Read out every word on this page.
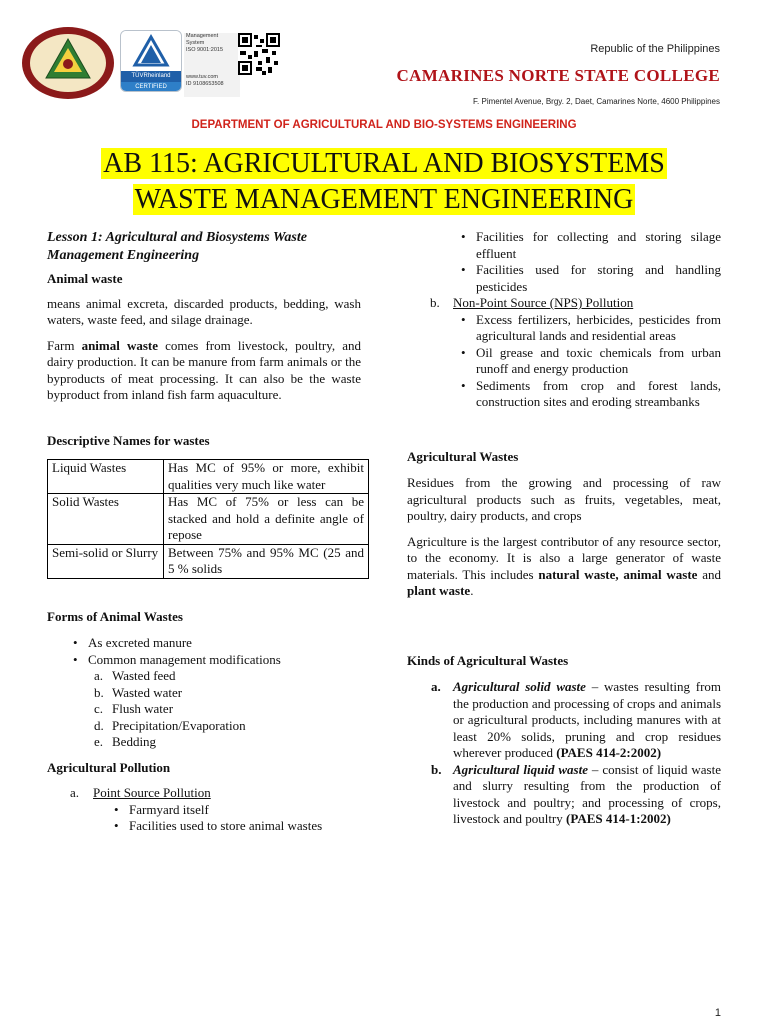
TÜVRheinland
CERTIFIED
Management
System
ISO 9001:2015
www.tuv.com
ID 9108653508
Republic of the Philippines
CAMARINES NORTE STATE COLLEGE
F. Pimentel Avenue, Brgy. 2, Daet, Camarines Norte, 4600 Philippines
DEPARTMENT OF AGRICULTURAL AND BIO-SYSTEMS ENGINEERING
AB 115: AGRICULTURAL AND BIOSYSTEMS
WASTE MANAGEMENT ENGINEERING
Lesson 1: Agricultural and Biosystems Waste Management Engineering
Animal waste

means animal excreta, discarded products, bedding, wash waters, waste feed, and silage drainage.

Farm animal waste comes from livestock, poultry, and dairy production. It can be manure from farm animals or the byproducts of meat processing. It can also be the waste byproduct from inland fish farm aquaculture.

Descriptive Names for wastes
Liquid Wastes	Has MC of 95% or more, exhibit qualities very much like water
Solid Wastes	Has MC of 75% or less can be stacked and hold a definite angle of repose
Semi-solid or Slurry	Between 75% and 95% MC (25 and 5 % solids
Forms of Animal Wastes
• As excreted manure
• Common management modifications
a. Wasted feed
b. Wasted water
c. Flush water
d. Precipitation/Evaporation
e. Bedding
Agricultural Pollution
a. Point Source Pollution
• Farmyard itself
• Facilities used to store animal wastes
• Facilities for collecting and storing silage effluent
• Facilities used for storing and handling pesticides
b. Non-Point Source (NPS) Pollution
• Excess fertilizers, herbicides, pesticides from agricultural lands and residential areas
• Oil grease and toxic chemicals from urban runoff and energy production
• Sediments from crop and forest lands, construction sites and eroding streambanks
Agricultural Wastes

Residues from the growing and processing of raw agricultural products such as fruits, vegetables, meat, poultry, dairy products, and crops

Agriculture is the largest contributor of any resource sector, to the economy. It is also a large generator of waste materials. This includes natural waste, animal waste and plant waste.

Kinds of Agricultural Wastes
a. Agricultural solid waste – wastes resulting from the production and processing of crops and animals or agricultural products, including manures with at least 20% solids, pruning and crop residues wherever produced (PAES 414-2:2002)
b. Agricultural liquid waste – consist of liquid waste and slurry resulting from the production of livestock and poultry; and processing of crops, livestock and poultry (PAES 414-1:2002)
1
